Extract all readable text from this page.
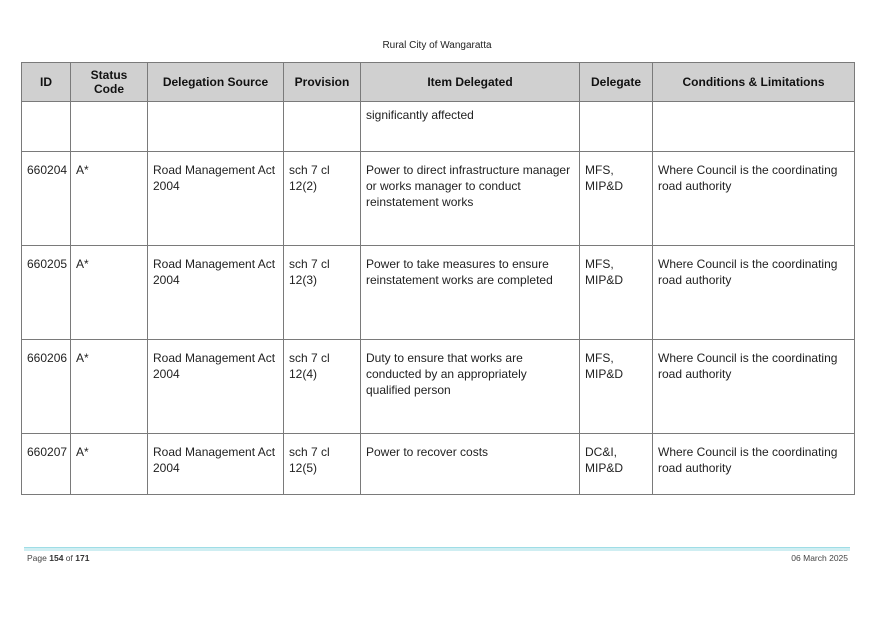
Rural City of Wangaratta
ID	Status Code	Delegation Source	Provision	Item Delegated	Delegate	Conditions & Limitations
				significantly affected		
660204	A*	Road Management Act 2004	sch 7 cl 12(2)	Power to direct infrastructure manager or works manager to conduct reinstatement works	MFS, MIP&D	Where Council is the coordinating road authority
660205	A*	Road Management Act 2004	sch 7 cl 12(3)	Power to take measures to ensure reinstatement works are completed	MFS, MIP&D	Where Council is the coordinating road authority
660206	A*	Road Management Act 2004	sch 7 cl 12(4)	Duty to ensure that works are conducted by an appropriately qualified person	MFS, MIP&D	Where Council is the coordinating road authority
660207	A*	Road Management Act 2004	sch 7 cl 12(5)	Power to recover costs	DC&I, MIP&D	Where Council is the coordinating road authority
Page 154 of 171	06 March 2025
